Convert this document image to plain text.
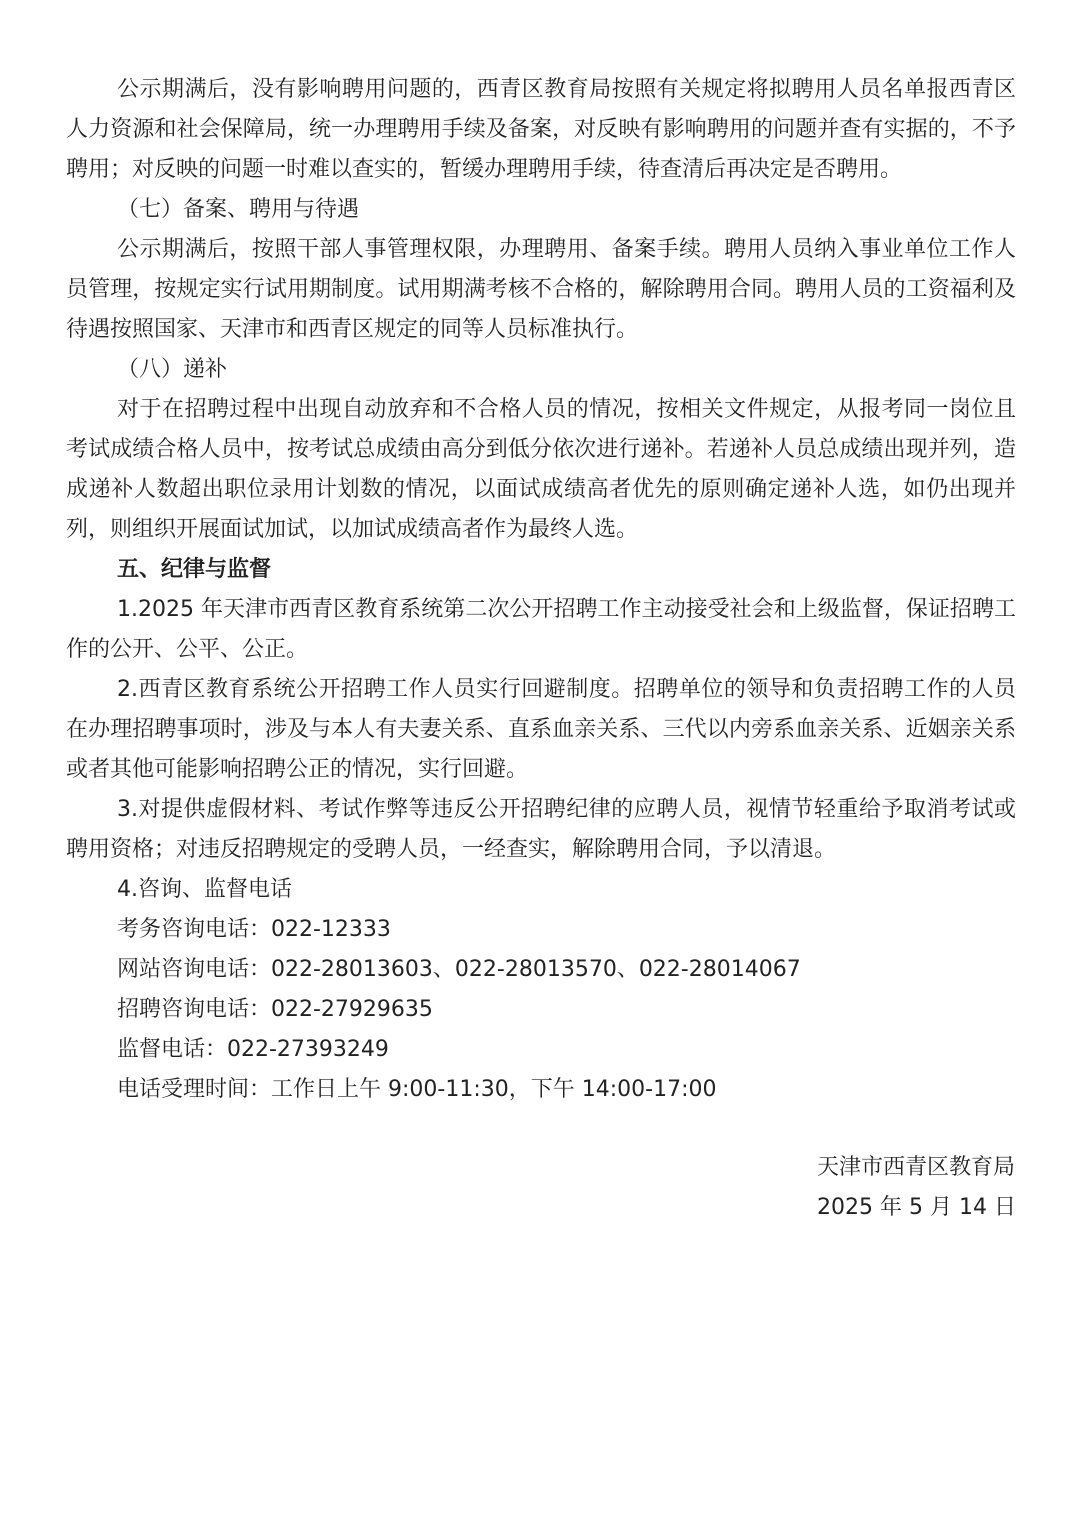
公示期满后，没有影响聘用问题的，西青区教育局按照有关规定将拟聘用人员名单报西青区人力资源和社会保障局，统一办理聘用手续及备案，对反映有影响聘用的问题并查有实据的，不予聘用；对反映的问题一时难以查实的，暂缓办理聘用手续，待查清后再决定是否聘用。

（七）备案、聘用与待遇

公示期满后，按照干部人事管理权限，办理聘用、备案手续。聘用人员纳入事业单位工作人员管理，按规定实行试用期制度。试用期满考核不合格的，解除聘用合同。聘用人员的工资福利及待遇按照国家、天津市和西青区规定的同等人员标准执行。

（八）递补

对于在招聘过程中出现自动放弃和不合格人员的情况，按相关文件规定，从报考同一岗位且考试成绩合格人员中，按考试总成绩由高分到低分依次进行递补。若递补人员总成绩出现并列，造成递补人数超出职位录用计划数的情况，以面试成绩高者优先的原则确定递补人选，如仍出现并列，则组织开展面试加试，以加试成绩高者作为最终人选。

五、纪律与监督

1.2025 年天津市西青区教育系统第二次公开招聘工作主动接受社会和上级监督，保证招聘工作的公开、公平、公正。

2.西青区教育系统公开招聘工作人员实行回避制度。招聘单位的领导和负责招聘工作的人员在办理招聘事项时，涉及与本人有夫妻关系、直系血亲关系、三代以内旁系血亲关系、近姻亲关系或者其他可能影响招聘公正的情况，实行回避。

3.对提供虚假材料、考试作弊等违反公开招聘纪律的应聘人员，视情节轻重给予取消考试或聘用资格；对违反招聘规定的受聘人员，一经查实，解除聘用合同，予以清退。

4.咨询、监督电话

考务咨询电话：022-12333

网站咨询电话：022-28013603、022-28013570、022-28014067

招聘咨询电话：022-27929635

监督电话：022-27393249

电话受理时间：工作日上午 9:00-11:30，下午 14:00-17:00

天津市西青区教育局

2025 年 5 月 14 日
